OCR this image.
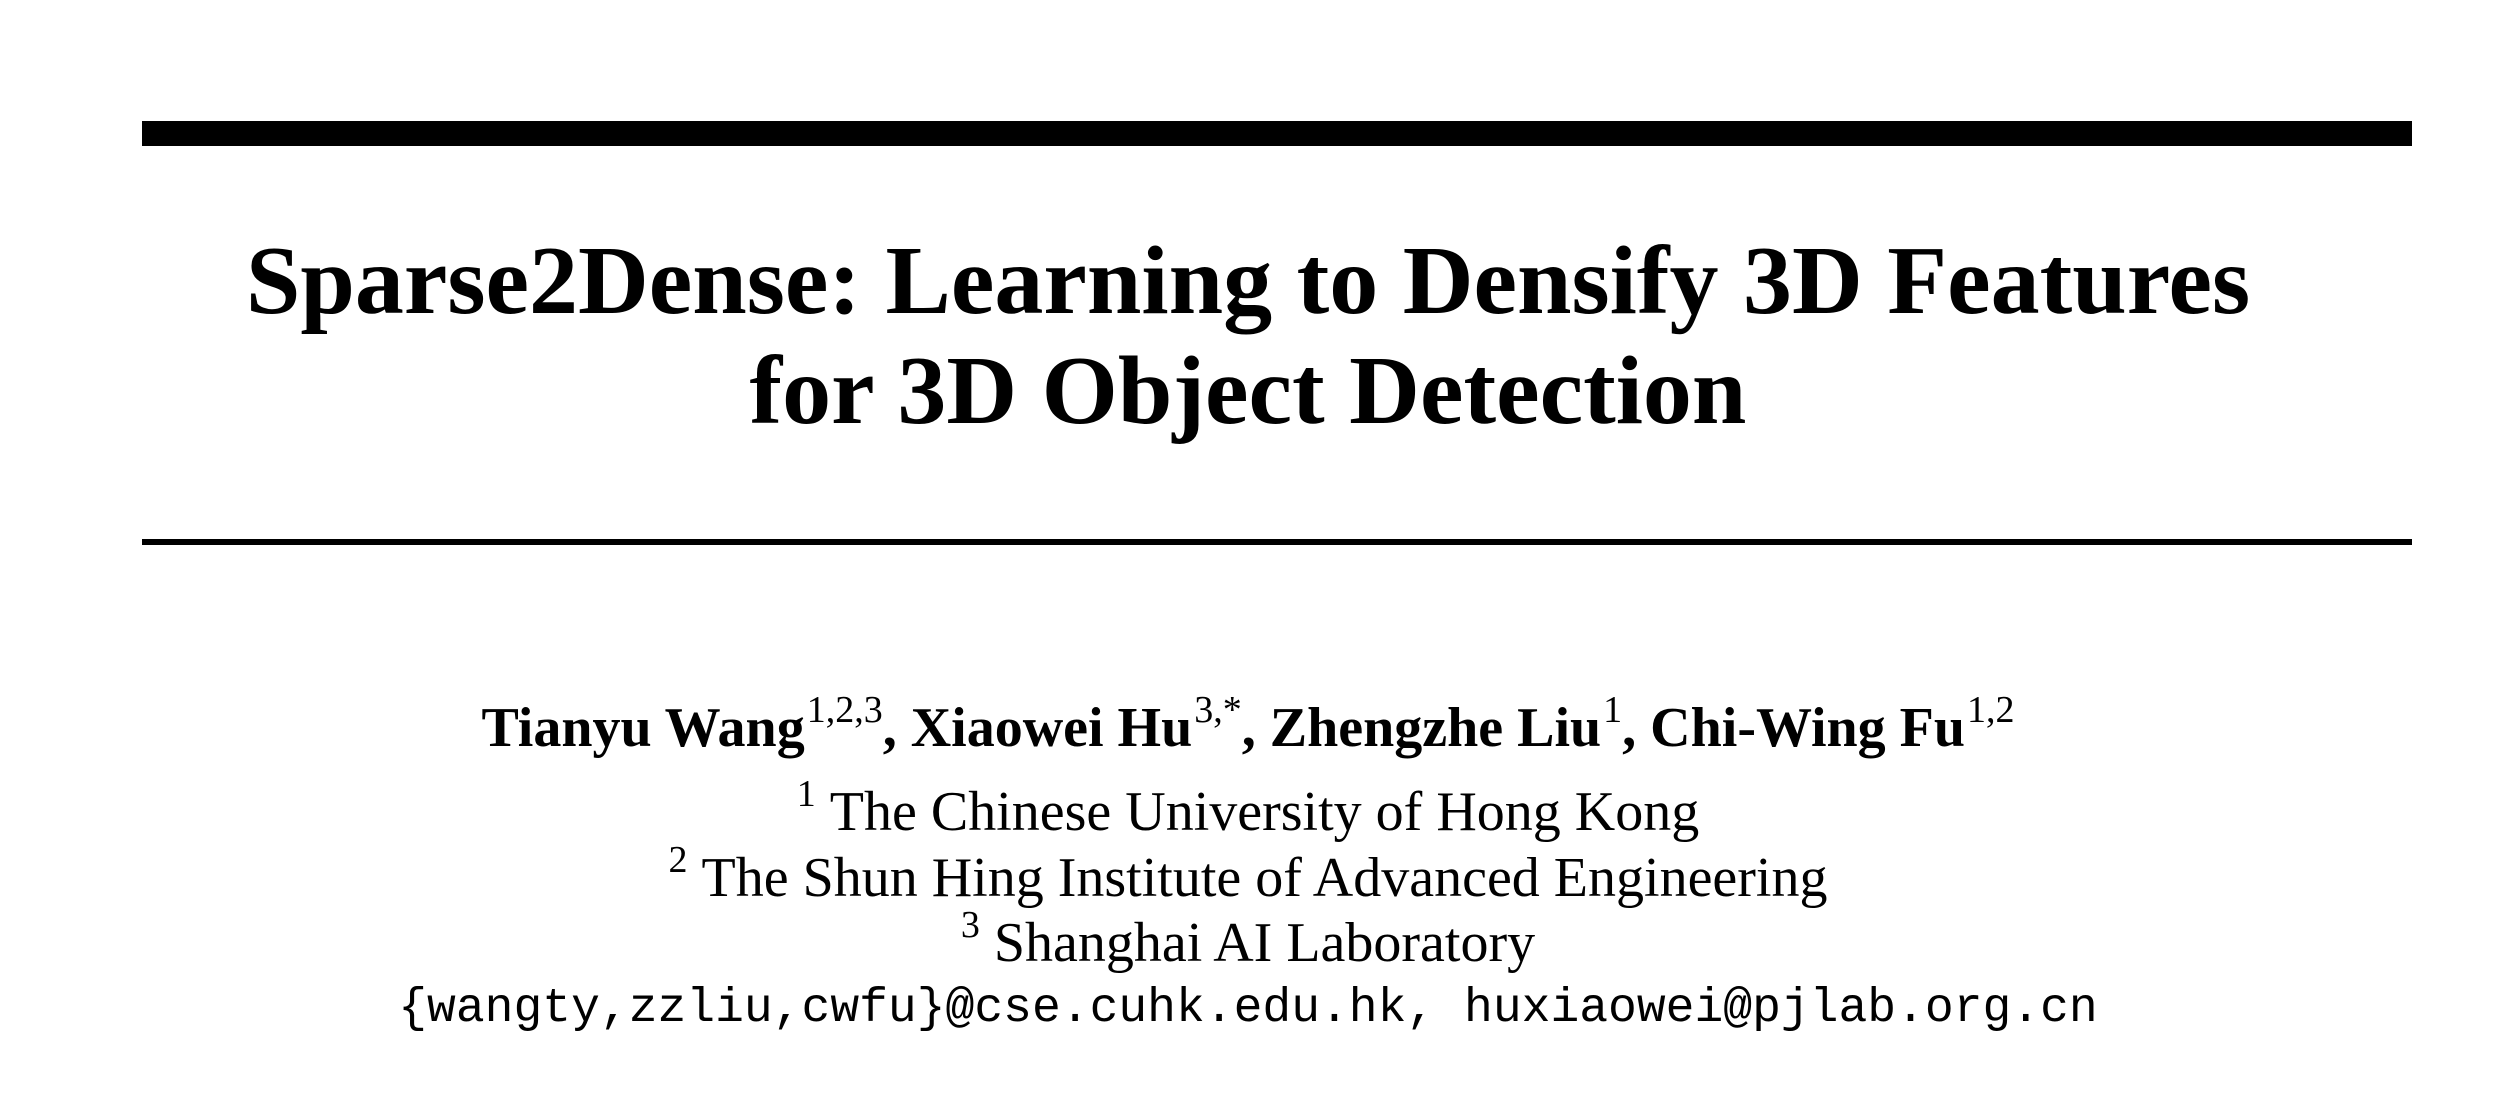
Sparse2Dense: Learning to Densify 3D Features
for 3D Object Detection
Tianyu Wang$^{1,2,3}$, Xiaowei $Hu^{3,*}$, Zhengzhe Liu$^1$, Chi-Wing Fu$^{1,2}$
$^1$ The Chinese University of Hong Kong
$^2$ The Shun Hing Institute of Advanced Engineering
$^3$ Shanghai AI Laboratory
{wangty,zzliu,cwfu}@cse.cuhk.edu.hk, huxiaowei@pjlab.org.cn
